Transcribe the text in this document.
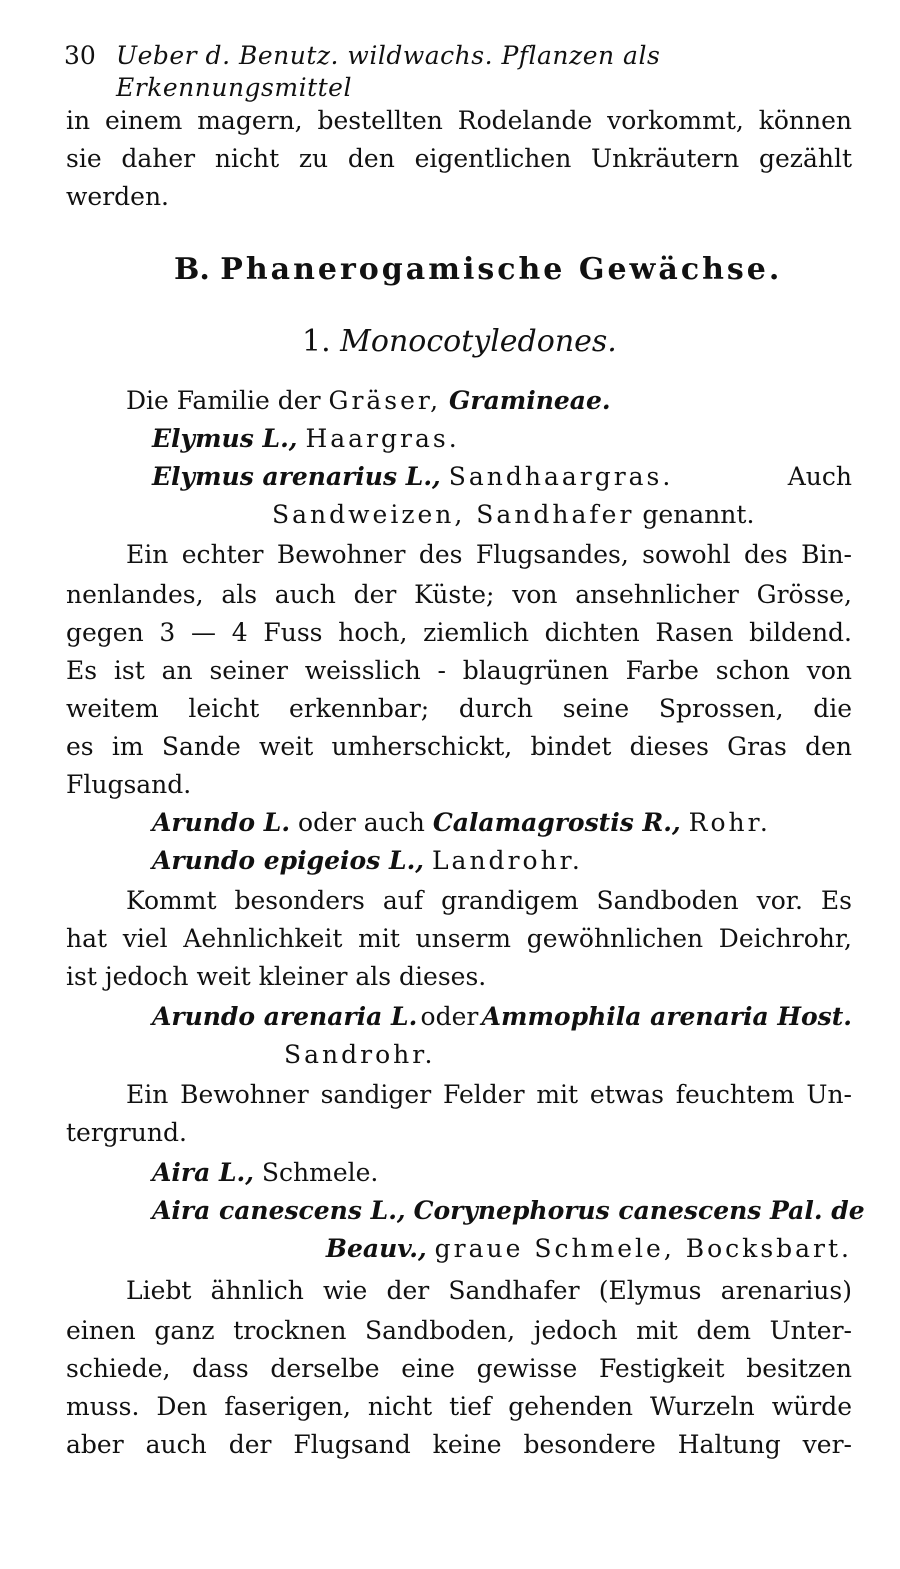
30 Ueber d. Benutz. wildwachs. Pflanzen als Erkennungsmittel
in einem magern, bestellten Rodelande vorkommt, können
sie daher nicht zu den eigentlichen Unkräutern gezählt
werden.
B. Phanerogamische Gewächse.
1. Monocotyledones.
Die Familie der Gräser, Gramineae.
Elymus L., Haargras.
Elymus arenarius L., Sandhaargras.	Auch
Sandweizen, Sandhafer genannt.
Ein echter Bewohner des Flugsandes, sowohl des Bin-
nenlandes, als auch der Küste; von ansehnlicher Grösse,
gegen 3 — 4 Fuss hoch, ziemlich dichten Rasen bildend.
Es ist an seiner weisslich - blaugrünen Farbe schon von
weitem leicht erkennbar; durch seine Sprossen, die
es im Sande weit umherschickt, bindet dieses Gras den
Flugsand.
Arundo L. oder auch Calamagrostis R., Rohr.
Arundo epigeios L., Landrohr.
Kommt besonders auf grandigem Sandboden vor. Es
hat viel Aehnlichkeit mit unserm gewöhnlichen Deichrohr,
ist jedoch weit kleiner als dieses.
Arundo arenaria L. oder Ammophila arenaria Host.
Sandrohr.
Ein Bewohner sandiger Felder mit etwas feuchtem Un-
tergrund.
Aira L., Schmele.
Aira canescens L., Corynephorus canescens Pal. de
Beauv., graue Schmele, Bocksbart.
Liebt ähnlich wie der Sandhafer (Elymus arenarius)
einen ganz trocknen Sandboden, jedoch mit dem Unter-
schiede, dass derselbe eine gewisse Festigkeit besitzen
muss. Den faserigen, nicht tief gehenden Wurzeln würde
aber auch der Flugsand keine besondere Haltung ver-
